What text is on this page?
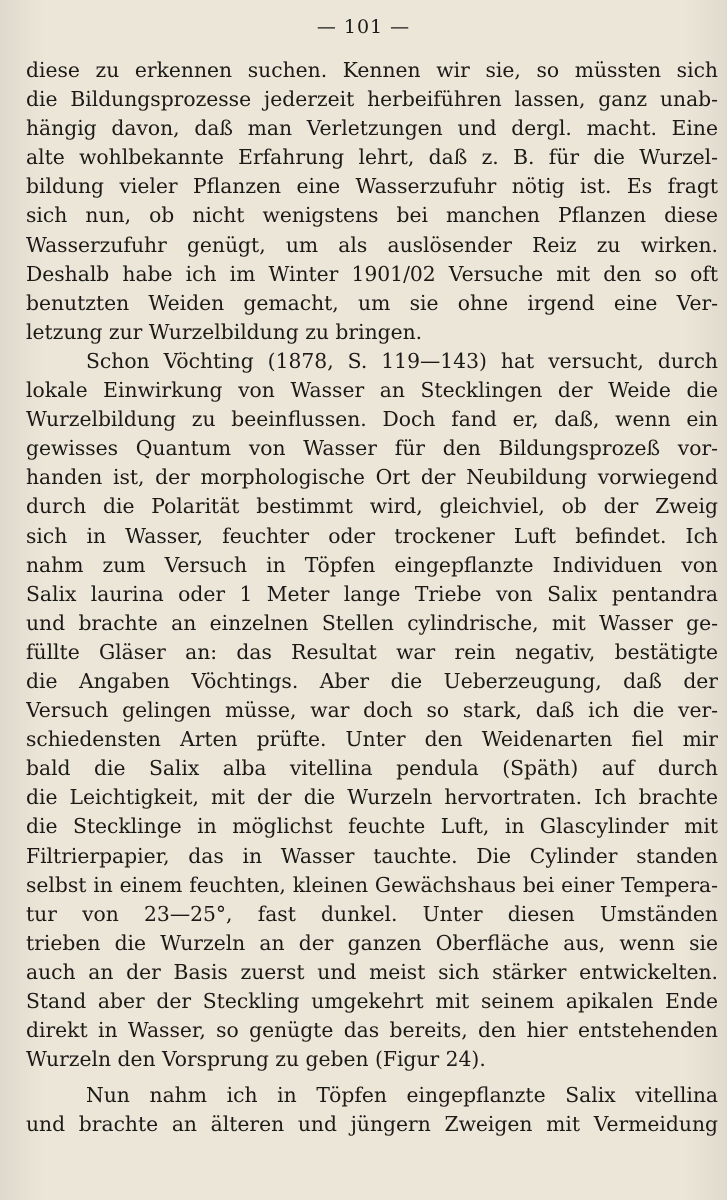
— 101 —
diese zu erkennen suchen. Kennen wir sie, so müssten sich
die Bildungsprozesse jederzeit herbeiführen lassen, ganz unab-
hängig davon, daß man Verletzungen und dergl. macht. Eine
alte wohlbekannte Erfahrung lehrt, daß z. B. für die Wurzel-
bildung vieler Pflanzen eine Wasserzufuhr nötig ist. Es fragt
sich nun, ob nicht wenigstens bei manchen Pflanzen diese
Wasserzufuhr genügt, um als auslösender Reiz zu wirken.
Deshalb habe ich im Winter 1901/02 Versuche mit den so oft
benutzten Weiden gemacht, um sie ohne irgend eine Ver-
letzung zur Wurzelbildung zu bringen.
Schon Vöchting (1878, S. 119—143) hat versucht, durch
lokale Einwirkung von Wasser an Stecklingen der Weide die
Wurzelbildung zu beeinflussen. Doch fand er, daß, wenn ein
gewisses Quantum von Wasser für den Bildungsprozeß vor-
handen ist, der morphologische Ort der Neubildung vorwiegend
durch die Polarität bestimmt wird, gleichviel, ob der Zweig
sich in Wasser, feuchter oder trockener Luft befindet. Ich
nahm zum Versuch in Töpfen eingepflanzte Individuen von
Salix laurina oder 1 Meter lange Triebe von Salix pentandra
und brachte an einzelnen Stellen cylindrische, mit Wasser ge-
füllte Gläser an: das Resultat war rein negativ, bestätigte
die Angaben Vöchtings. Aber die Ueberzeugung, daß der
Versuch gelingen müsse, war doch so stark, daß ich die ver-
schiedensten Arten prüfte. Unter den Weidenarten fiel mir
bald die Salix alba vitellina pendula (Späth) auf durch
die Leichtigkeit, mit der die Wurzeln hervortraten. Ich brachte
die Stecklinge in möglichst feuchte Luft, in Glascylinder mit
Filtrierpapier, das in Wasser tauchte. Die Cylinder standen
selbst in einem feuchten, kleinen Gewächshaus bei einer Tempera-
tur von 23—25°, fast dunkel. Unter diesen Umständen
trieben die Wurzeln an der ganzen Oberfläche aus, wenn sie
auch an der Basis zuerst und meist sich stärker entwickelten.
Stand aber der Steckling umgekehrt mit seinem apikalen Ende
direkt in Wasser, so genügte das bereits, den hier entstehenden
Wurzeln den Vorsprung zu geben (Figur 24).
Nun nahm ich in Töpfen eingepflanzte Salix vitellina
und brachte an älteren und jüngern Zweigen mit Vermeidung
